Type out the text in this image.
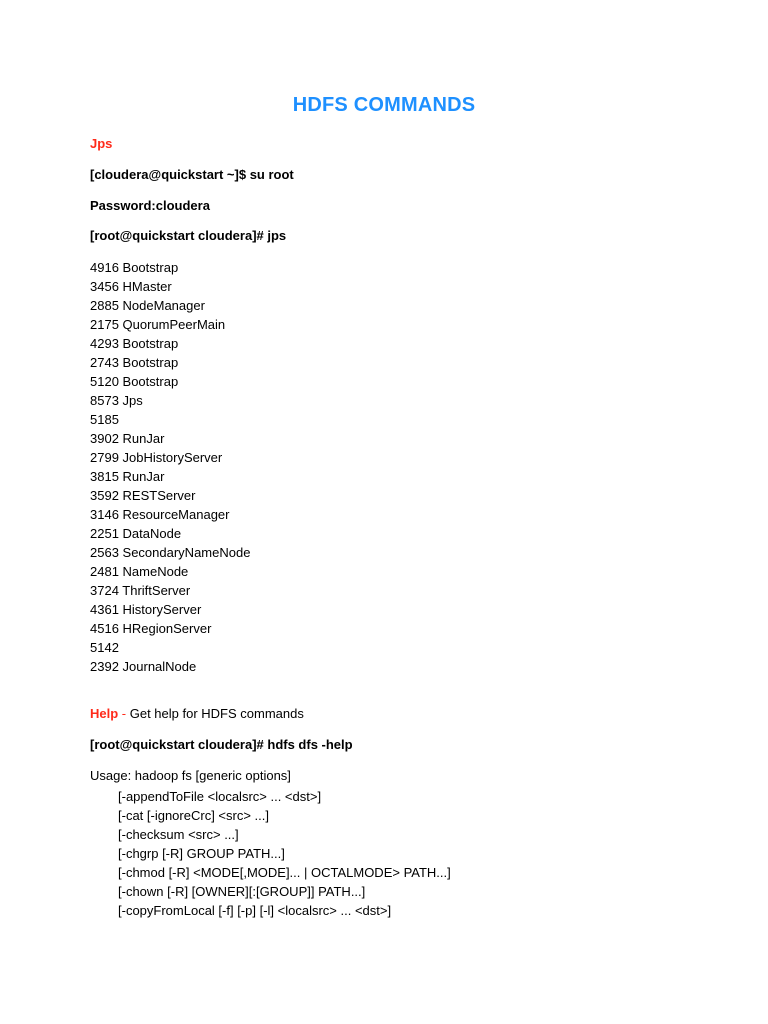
HDFS COMMANDS
Jps
[cloudera@quickstart ~]$ su root
Password:cloudera
[root@quickstart cloudera]# jps
4916 Bootstrap
3456 HMaster
2885 NodeManager
2175 QuorumPeerMain
4293 Bootstrap
2743 Bootstrap
5120 Bootstrap
8573 Jps
5185
3902 RunJar
2799 JobHistoryServer
3815 RunJar
3592 RESTServer
3146 ResourceManager
2251 DataNode
2563 SecondaryNameNode
2481 NameNode
3724 ThriftServer
4361 HistoryServer
4516 HRegionServer
5142
2392 JournalNode
Help - Get help for HDFS commands
[root@quickstart cloudera]# hdfs dfs -help
Usage: hadoop fs [generic options]
[-appendToFile <localsrc> ... <dst>]
[-cat [-ignoreCrc] <src> ...]
[-checksum <src> ...]
[-chgrp [-R] GROUP PATH...]
[-chmod [-R] <MODE[,MODE]... | OCTALMODE> PATH...]
[-chown [-R] [OWNER][:[GROUP]] PATH...]
[-copyFromLocal [-f] [-p] [-l] <localsrc> ... <dst>]
